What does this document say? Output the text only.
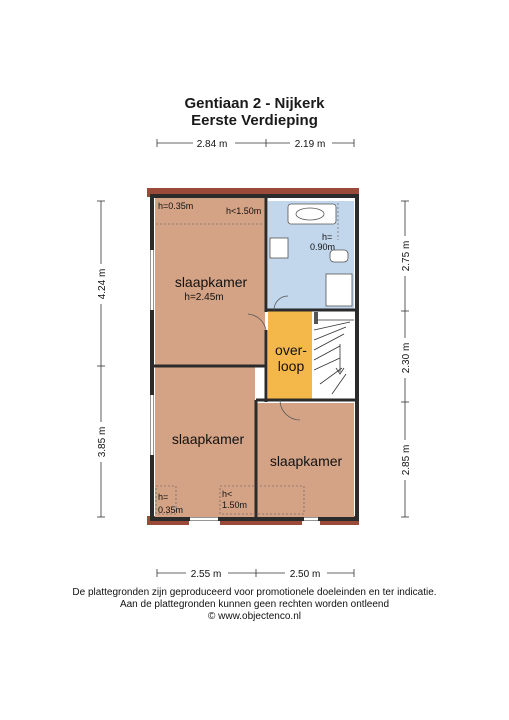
Gentiaan 2 - Nijkerk
Eerste Verdieping
slaapkamer
h=2.45m
slaapkamer
slaapkamer
over-
loop
h=0.35m	h<1.50m
h=
0.90m
h=
0.35m
h<
1.50m
2.84 m	2.19 m
2.55 m	2.50 m
4.24 m
3.85 m
2.75 m
2.30 m
2.85 m
De plattegronden zijn geproduceerd voor promotionele doeleinden en ter indicatie.
Aan de plattegronden kunnen geen rechten worden ontleend
© www.objectenco.nl
